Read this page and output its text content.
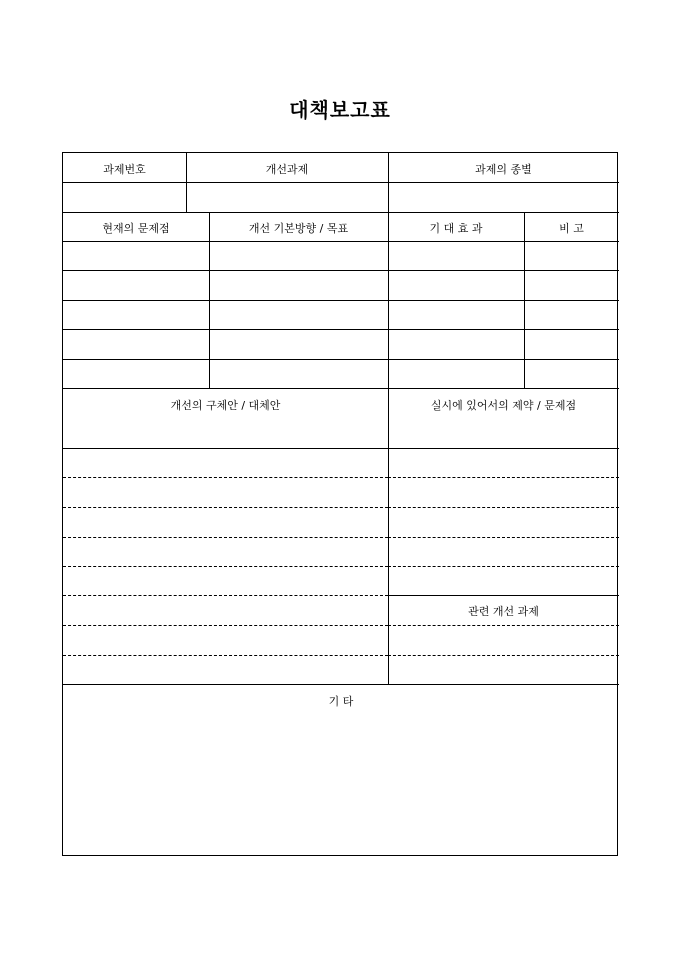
대책보고표
과제번호	개선과제	과제의 종별
현재의 문제점	개선 기본방향 / 목표	기 대 효 과	비 고
개선의 구체안 / 대체안	실시에 있어서의 제약 / 문제점
관련 개선 과제
기 타
